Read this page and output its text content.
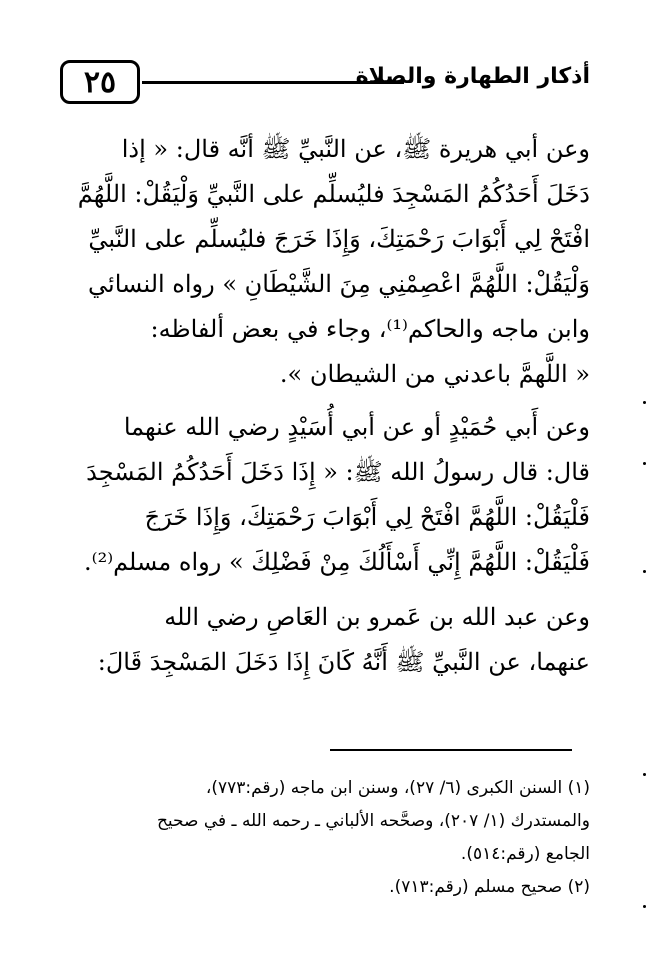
٢٥	أذكار الطهارة والصلاة

وعن أبي هريرة ﷺ، عن النَّبيِّ ﷺ أنَّه قال: « إذا

دَخَلَ أَحَدُكُمُ المَسْجِدَ فليُسلِّم على النَّبيِّ وَلْيَقُلْ: اللَّهُمَّ

افْتَحْ لِي أَبْوَابَ رَحْمَتِكَ، وَإِذَا خَرَجَ فليُسلِّم على النَّبيِّ

وَلْيَقُلْ: اللَّهُمَّ اعْصِمْنِي مِنَ الشَّيْطَانِ » رواه النسائي

وابن ماجه والحاكم⁽¹⁾، وجاء في بعض ألفاظه:

« اللَّهمَّ باعدني من الشيطان ».

وعن أَبي حُمَيْدٍ أو عن أبي أُسَيْدٍ رضي الله عنهما

قال: قال رسولُ الله ﷺ: « إِذَا دَخَلَ أَحَدُكُمُ المَسْجِدَ

فَلْيَقُلْ: اللَّهُمَّ افْتَحْ لِي أَبْوَابَ رَحْمَتِكَ، وَإِذَا خَرَجَ

فَلْيَقُلْ: اللَّهُمَّ إِنِّي أَسْأَلُكَ مِنْ فَضْلِكَ » رواه مسلم⁽²⁾.

وعن عبد الله بن عَمرو بن العَاصِ رضي الله

عنهما، عن النَّبيِّ ﷺ أَنَّهُ كَانَ إِذَا دَخَلَ المَسْجِدَ قَالَ:

(١) السنن الكبرى (٦/ ٢٧)، وسنن ابن ماجه (رقم:٧٧٣)،

والمستدرك (١/ ٢٠٧)، وصحَّحه الألباني ـ رحمه الله ـ في صحيح

الجامع (رقم:٥١٤).

(٢) صحيح مسلم (رقم:٧١٣).
